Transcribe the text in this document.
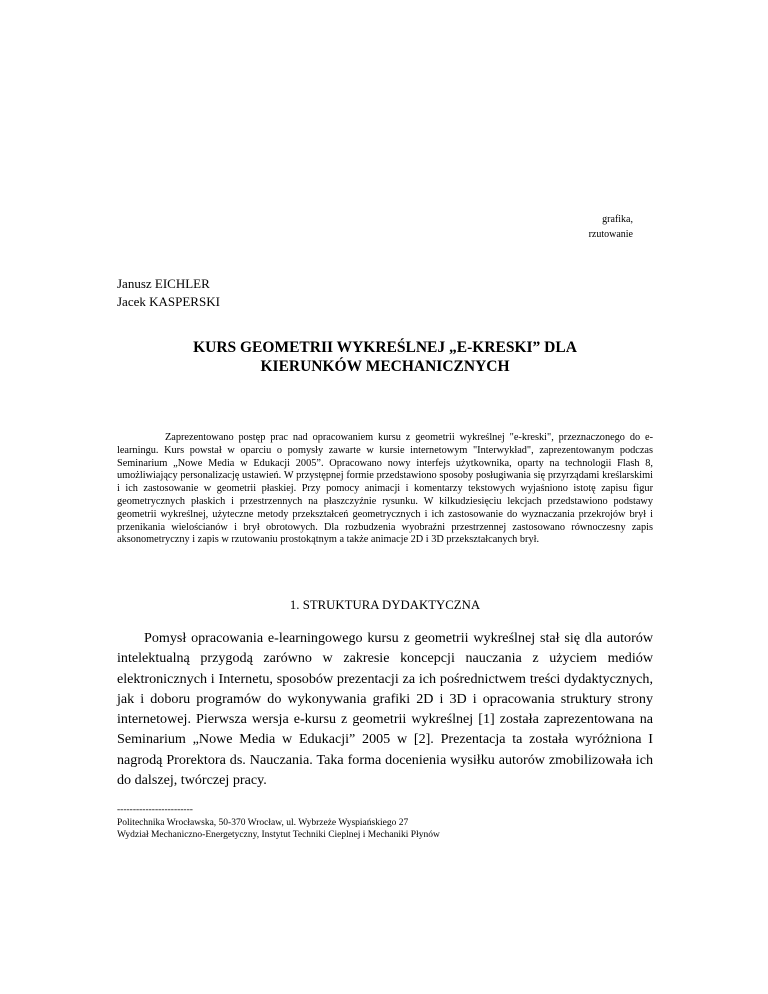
grafika,
rzutowanie
Janusz EICHLER
Jacek KASPERSKI
KURS GEOMETRII WYKREŚLNEJ „E-KRESKI” DLA
KIERUNKÓW MECHANICZNYCH

Zaprezentowano postęp prac nad opracowaniem kursu z geometrii wykreślnej "e-kreski", przeznaczonego do e-learningu. Kurs powstał w oparciu o pomysły zawarte w kursie internetowym "Interwykład", zaprezentowanym podczas Seminarium „Nowe Media w Edukacji 2005”. Opracowano nowy interfejs użytkownika, oparty na technologii Flash 8, umożliwiający personalizację ustawień. W przystępnej formie przedstawiono sposoby posługiwania się przyrządami kreślarskimi i ich zastosowanie w geometrii płaskiej. Przy pomocy animacji i komentarzy tekstowych wyjaśniono istotę zapisu figur geometrycznych płaskich i przestrzennych na płaszczyźnie rysunku. W kilkudziesięciu lekcjach przedstawiono podstawy geometrii wykreślnej, użyteczne metody przekształceń geometrycznych i ich zastosowanie do wyznaczania przekrojów brył i przenikania wielościanów i brył obrotowych. Dla rozbudzenia wyobraźni przestrzennej zastosowano równoczesny zapis aksonometryczny i zapis w rzutowaniu prostokątnym a także animacje 2D i 3D przekształcanych brył.

1. STRUKTURA DYDAKTYCZNA

Pomysł opracowania e-learningowego kursu z geometrii wykreślnej stał się dla autorów intelektualną przygodą zarówno w zakresie koncepcji nauczania z użyciem mediów elektronicznych i Internetu, sposobów prezentacji za ich pośrednictwem treści dydaktycznych, jak i doboru programów do wykonywania grafiki 2D i 3D i opracowania struktury strony internetowej. Pierwsza wersja e-kursu z geometrii wykreślnej [1] została zaprezentowana na Seminarium „Nowe Media w Edukacji” 2005 w [2]. Prezentacja ta została wyróżniona I nagrodą Prorektora ds. Nauczania. Taka forma docenienia wysiłku autorów zmobilizowała ich do dalszej, twórczej pracy.

------------------------
Politechnika Wrocławska, 50-370 Wrocław, ul. Wybrzeże Wyspiańskiego 27
Wydział Mechaniczno-Energetyczny, Instytut Techniki Cieplnej i Mechaniki Płynów
